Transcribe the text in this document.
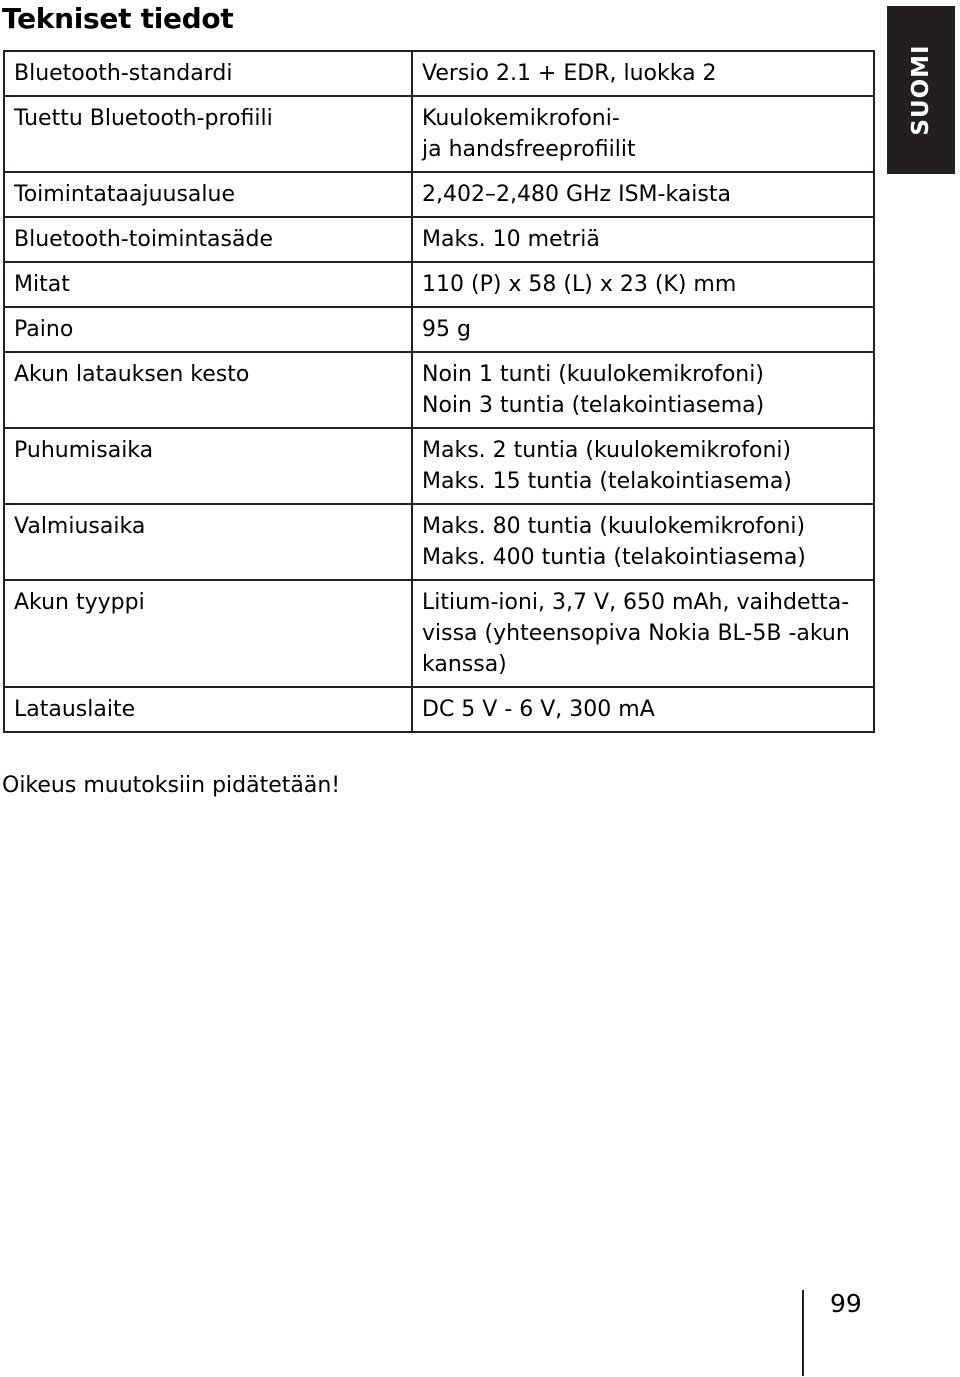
Tekniset tiedot
SUOMI
Bluetooth-standardi	Versio 2.1 + EDR, luokka 2

Tuettu Bluetooth-profiili	Kuulokemikrofoni-
ja handsfreeprofiilit

Toimintataajuusalue	2,402–2,480 GHz ISM-kaista

Bluetooth-toimintasäde	Maks. 10 metriä

Mitat	110 (P) x 58 (L) x 23 (K) mm

Paino	95 g

Akun latauksen kesto	Noin 1 tunti (kuulokemikrofoni)
Noin 3 tuntia (telakointiasema)

Puhumisaika	Maks. 2 tuntia (kuulokemikrofoni)
Maks. 15 tuntia (telakointiasema)

Valmiusaika	Maks. 80 tuntia (kuulokemikrofoni)
Maks. 400 tuntia (telakointiasema)

Akun tyyppi	Litium-ioni, 3,7 V, 650 mAh, vaihdetta-
vissa (yhteensopiva Nokia BL-5B -akun
kanssa)

Latauslaite	DC 5 V - 6 V, 300 mA
Oikeus muutoksiin pidätetään!
99
